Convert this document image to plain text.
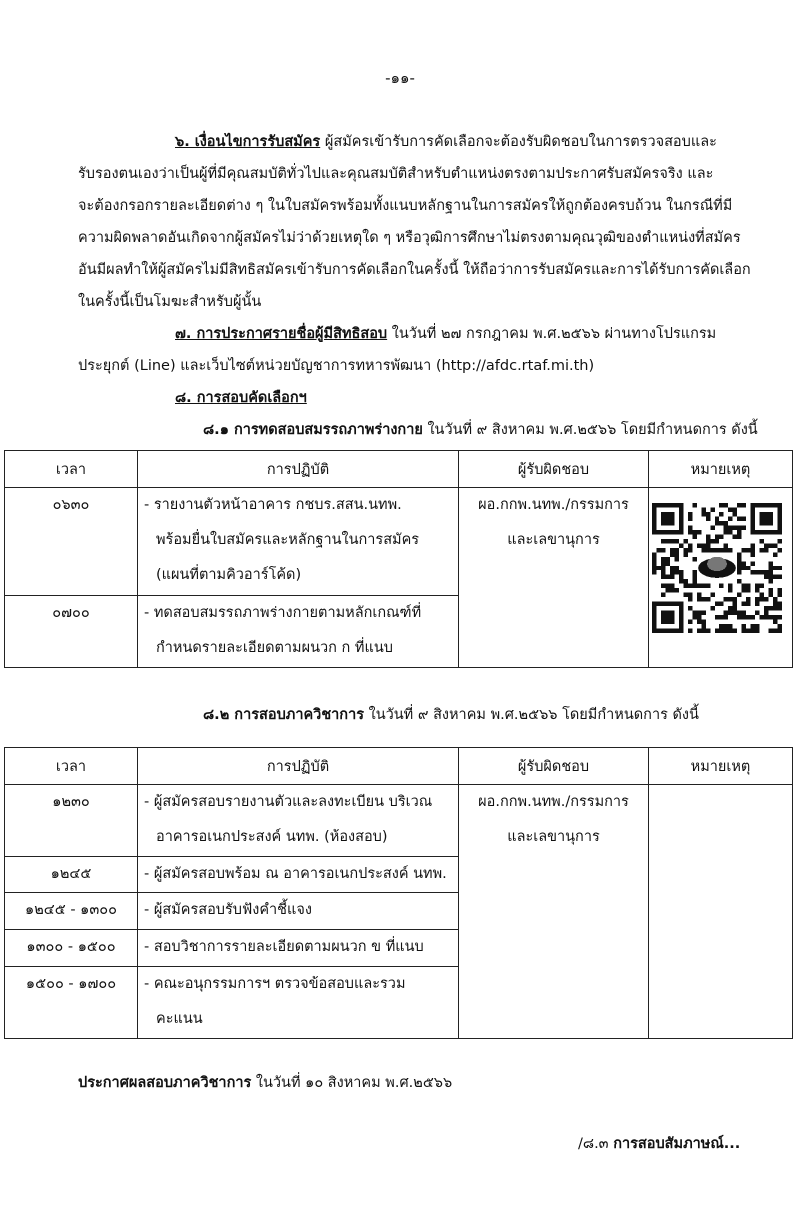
-๑๑-
๖. เงื่อนไขการรับสมัคร ผู้สมัครเข้ารับการคัดเลือกจะต้องรับผิดชอบในการตรวจสอบและ
รับรองตนเองว่าเป็นผู้ที่มีคุณสมบัติทั่วไปและคุณสมบัติสำหรับตำแหน่งตรงตามประกาศรับสมัครจริง และ
จะต้องกรอกรายละเอียดต่าง ๆ ในใบสมัครพร้อมทั้งแนบหลักฐานในการสมัครให้ถูกต้องครบถ้วน ในกรณีที่มี
ความผิดพลาดอันเกิดจากผู้สมัครไม่ว่าด้วยเหตุใด ๆ หรือวุฒิการศึกษาไม่ตรงตามคุณวุฒิของตำแหน่งที่สมัคร
อันมีผลทำให้ผู้สมัครไม่มีสิทธิสมัครเข้ารับการคัดเลือกในครั้งนี้ ให้ถือว่าการรับสมัครและการได้รับการคัดเลือก
ในครั้งนี้เป็นโมฆะสำหรับผู้นั้น
๗. การประกาศรายชื่อผู้มีสิทธิสอบ ในวันที่ ๒๗ กรกฎาคม พ.ศ.๒๕๖๖ ผ่านทางโปรแกรม
ประยุกต์ (Line) และเว็บไซต์หน่วยบัญชาการทหารพัฒนา (http://afdc.rtaf.mi.th)
๘. การสอบคัดเลือกฯ
๘.๑ การทดสอบสมรรถภาพร่างกาย ในวันที่ ๙ สิงหาคม พ.ศ.๒๕๖๖ โดยมีกำหนดการ ดังนี้
เวลา	การปฏิบัติ	ผู้รับผิดชอบ	หมายเหตุ

๐๖๓๐	- รายงานตัวหน้าอาคาร กชบร.สสน.นทพ.
พร้อมยื่นใบสมัครและหลักฐานในการสมัคร
(แผนที่ตามคิวอาร์โค้ด)	ผอ.กกพ.นทพ./กรรมการ
และเลขานุการ	

๐๗๐๐	- ทดสอบสมรรถภาพร่างกายตามหลักเกณฑ์ที่
กำหนดรายละเอียดตามผนวก ก ที่แนบ		
๘.๒ การสอบภาควิชาการ ในวันที่ ๙ สิงหาคม พ.ศ.๒๕๖๖ โดยมีกำหนดการ ดังนี้
เวลา	การปฏิบัติ	ผู้รับผิดชอบ	หมายเหตุ

๑๒๓๐	- ผู้สมัครสอบรายงานตัวและลงทะเบียน บริเวณ
อาคารอเนกประสงค์ นทพ. (ห้องสอบ)	ผอ.กกพ.นทพ./กรรมการ
และเลขานุการ	

๑๒๔๕	- ผู้สมัครสอบพร้อม ณ อาคารอเนกประสงค์ นทพ.		

๑๒๔๕ - ๑๓๐๐	- ผู้สมัครสอบรับฟังคำชี้แจง		

๑๓๐๐ - ๑๕๐๐	- สอบวิชาการรายละเอียดตามผนวก ข ที่แนบ		

๑๕๐๐ - ๑๗๐๐	- คณะอนุกรรมการฯ ตรวจข้อสอบและรวม
คะแนน		
ประกาศผลสอบภาควิชาการ ในวันที่ ๑๐ สิงหาคม พ.ศ.๒๕๖๖
/๘.๓ การสอบสัมภาษณ์...
